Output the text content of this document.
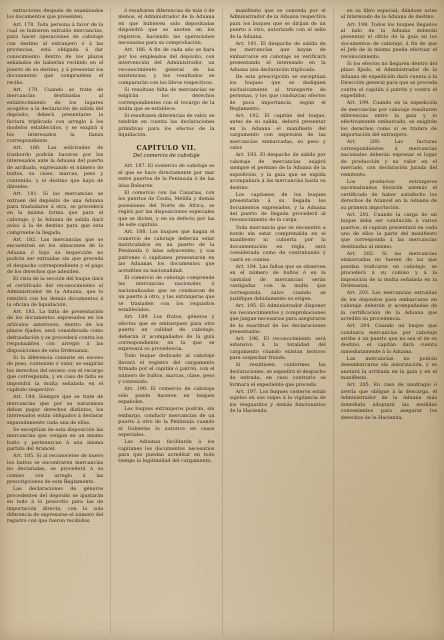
extractores después de examinados los documentos que presenten.

Art. 178. Toda persona á favor de la cual se hubieren extraído mercancías, para hacer operaciones de cabotaje con destino al extranjero ó á las provincias, está obligada á dar conocimiento dentro de los plazos señalados de haberlas recibido en el puerto de su destino, y á presentar los documentos que comprueben el recibo.

Art. 179. Cuando se trate de mercancías destinadas al establecimiento de los lugares acogidos a la declaración de salida del depósito, deberá presentarse la factura triplicada con arreglo á los modelos establecidos, y se exigirá á los interesados la fianza correspondiente.

Art. 180. Las solicitudes de trasbordo podrán hacerse por los interesados ante la Aduana del puerto de arribada, expresando el número de bultos, su clase, marcas, peso y contenido, y el destino que haya de dárseles.

Art. 181. Si las mercancías se extraen del depósito de una Aduana para trasladarse á otra, se procederá en la misma forma que para el cabotaje, y la Aduana de salida dará aviso á la de destino para que esta compruebe la llegada.

Art. 182. Las mercancías que se encuentren en los almacenes de la Aduana ó bajo su inspección no podrán ser extraídas sin que preceda el despacho correspondiente y el pago de los derechos que adeuden.

El vista de la sección del buque dará el certificado del reconocimiento al Administrador de la Aduana, que lo remitirá con los demás documentos á la oficina de liquidación.

Art. 183. La falta de presentación de los documentos expresados en los artículos anteriores, dentro de los plazos fijados, será considerada como defraudación y se procederá contra los responsables con arreglo á las disposiciones de esta Ordenanza.

Si la diferencia consiste en exceso de peso, contenido ó valor, se exigirán los derechos del exceso con el recargo que corresponda, y en caso de falta se impondrá la multa señalada en el capítulo respectivo.

Art. 184. Siempre que se trate de mercancías que por su naturaleza deban pagar derechos distintos, los interesados están obligados á declarar separadamente cada una de ellas.

Se exceptúan de esta disposición las mercancías que vengan en un mismo bulto y pertenezcan á una misma partida del Arancel.

Art. 185. Si al reconocerse de nuevo los bultos se encontraren mercancías no declaradas, se procederá á su comiso con arreglo á las prescripciones de este Reglamento.

Las declaraciones de géneros procedentes del depósito se ajustarán en todo á lo prescrito para las de importación directa, con la sola diferencia de expresarse el número del registro con que fueron recibidos.

ó resultaren diferencias de más ó de menos, el Administrador de la Aduana en que hubieren sido depositadas dispondrá que se anoten en los registros, haciendo las operaciones necesarias para su comprobación.

Art. 186. A fin de cada año se hará por los empleados del depósito, con intervención del Administrador, un reconocimiento general de las existencias, y los resultados se compararán con los libros respectivos.

Si resultase falta de mercancías se exigirán los derechos correspondientes con el recargo de la multa que se establece.

Si resultasen diferencias de valor, se tendrán en cuenta las declaraciones primitivas para los efectos de la liquidación.

CAPÍTULO VII.
Del comercio de cabotaje

Art. 187. El comercio de cabotaje es el que se hace directamente por mar entre puertos de la Península ó de las islas Baleares.

El comercio con las Canarias, con los puertos de Ceuta, Melilla y demás posesiones del Norte de África, se regirá por las disposiciones especiales que se dicten, y en su defecto por las de este capítulo.

Art. 188. Los buques que hagan el comercio de cabotaje deberán estar matriculados en un puerto de la Península ó islas adyacentes, y sus patrones ó capitanes presentarán en las Aduanas los documentos que acrediten su nacionalidad.

El comercio de cabotaje comprende las mercancías nacionales ó nacionalizadas que se conduzcan de un puerto á otro, y las extranjeras que se trasladen con los requisitos establecidos.

Art. 189. Los frutos, géneros y efectos que se embarquen para otro puerto en calidad de cabotaje, deberán ir acompañados de la guía correspondiente, en la que se expresará su procedencia.

Todo buque dedicado al cabotaje llevará el registro del cargamento firmado por el capitán ó patrón, con el número de bultos, marcas, clase, peso y contenido.

Art. 190. El comercio de cabotaje sólo puede hacerse en buques españoles.

Los buques extranjeros podrán, sin embargo, conducir mercancías de un puerto á otro de la Península cuando el Gobierno lo autorice en casos especiales.

Las Aduanas facilitarán á los capitanes los documentos necesarios para que puedan acreditar en todo tiempo la legitimidad del cargamento.

manifiesto que se conceda por el Administrador de la Aduana respectiva para los buques que se dirijan de un puerto á otro, autorizado con el sello de la Aduana.

Art. 191. El despacho de salida de las mercancías que hayan de embarcarse en cabotaje se verificará presentando el interesado en la Aduana una declaración triplicada.

De esta prescripción se exceptúan los buques que se dediquen exclusivamente al transporte de personas, y los que conduzcan efectos de poca importancia, según el Reglamento.

Art. 192. El capitán del buque, antes de su salida, deberá presentar en la Aduana el manifiesto del cargamento con expresión de las mercancías embarcadas, su peso y valor.

Art. 193. El despacho de salida por cabotaje de mercancías exigirá siempre el permiso de la Aduana de la expedición, y la guía que se expida acompañará á las mercancías hasta su destino.

Los capitanes de los buques presentarán á su llegada los documentos expresados, y la Aduana del puerto de llegada procederá al reconocimiento de la carga.

Toda mercancía que se encuentre a bordo sin estar comprendida en el manifiesto ni cubierta por la documentación en regla, será considerada como de contrabando y caerá en comiso.

Art. 194. Las faltas que se observen en el número de bultos ó en la cantidad de mercancías serán castigadas con la multa que corresponda, salvo cuando se justifique debidamente su origen.

Art. 195. El Administrador disponer los reconocimientos y comprobaciones que juzgue necesarios para asegurarse de la exactitud de las declaraciones presentadas.

Art. 196. El reconocimiento será extensivo á la totalidad del cargamento cuando existan motivos para sospechar fraude.

Si resultasen conformes las declaraciones, se expedirá el despacho de entrada; en caso contrario se formará el expediente que proceda.

Art. 197. Los buques costeros están sujetos en sus viajes á la vigilancia de los resguardos y demás funcionarios de la Hacienda.

en su libro especial; dándose aviso al interesado de la Aduana de destino.

Art. 198. Todos los buques llegados al lado de la Aduana deberán presentar el oficio de la guía en los documentos de cabotaje, á fin de que el Jefe de la misma pueda efectuar el reconocimiento.

Si los efectos no llegaren dentro del plazo fijado, el Administrador de la Aduana de expedición dará cuenta á la Dirección general para que se proceda contra el capitán ó patrón y contra el expedidor.

Art. 199. Cuando en la expedición de mercancías por cabotaje resultaren diferencias entre la guía y lo efectivamente embarcado, se exigirán los derechos como si se tratara de importación del extranjero.

Art. 200. Las facturas correspondientes á mercancías nacionales deberán expresar el lugar de producción y su valor en el mercado, con declaración jurada del remitente.

Los productos extranjeros nacionalizados llevarán además el certificado de haber satisfecho los derechos de Arancel en la Aduana de su primera importación.

Art. 201. Cuando la carga de un buque deba ser conducida á varios puertos, el capitán presentará en cada uno de ellos la parte del manifiesto que corresponda á las mercancías destinadas al mismo.

Art. 202. Si las mercancías embarcadas no fueren de las que puedan traficarse en cabotaje, se procederá á su comiso y á la imposición de la multa señalada en la Ordenanza.

Art. 203. Las mercancías extraídas de los depósitos para embarcarse en cabotaje deberán ir acompañadas de la certificación de la Aduana que acredite su procedencia.

Art. 204. Cuando un buque que conduzca mercancías por cabotaje arribe á un puerto que no sea el de su destino, el capitán dará cuenta inmediatamente á la Aduana.

Las mercancías no podrán desembarcarse sin autorización, y se anotará la arribada en la guía y en el manifiesto.

Art. 205. En caso de naufragio ó avería que obligue á la descarga, el Administrador de la Aduana más inmediata adoptará las medidas convenientes para asegurar los derechos de la Hacienda.
